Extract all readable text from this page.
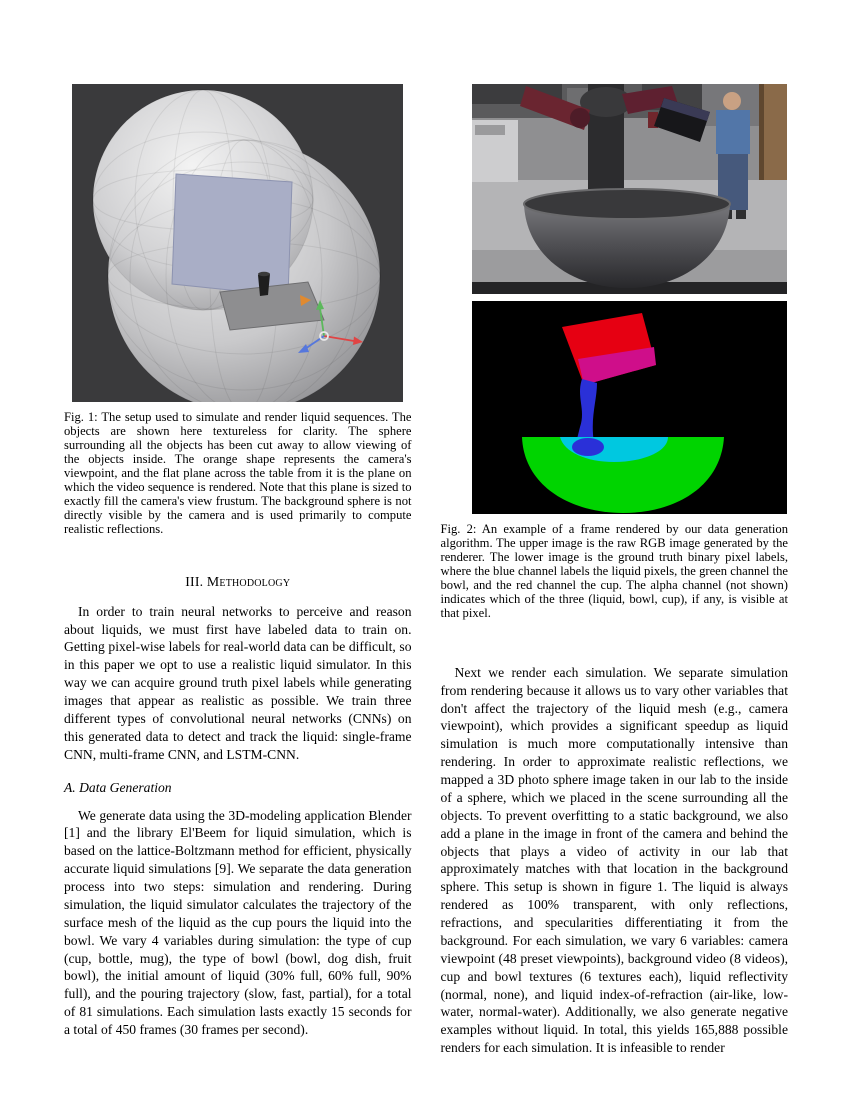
Fig. 1: The setup used to simulate and render liquid sequences. The objects are shown here textureless for clarity. The sphere surrounding all the objects has been cut away to allow viewing of the objects inside. The orange shape represents the camera's viewpoint, and the flat plane across the table from it is the plane on which the video sequence is rendered. Note that this plane is sized to exactly fill the camera's view frustum. The background sphere is not directly visible by the camera and is used primarily to compute realistic reflections.
III. Methodology

In order to train neural networks to perceive and reason about liquids, we must first have labeled data to train on. Getting pixel-wise labels for real-world data can be difficult, so in this paper we opt to use a realistic liquid simulator. In this way we can acquire ground truth pixel labels while generating images that appear as realistic as possible. We train three different types of convolutional neural networks (CNNs) on this generated data to detect and track the liquid: single-frame CNN, multi-frame CNN, and LSTM-CNN.

A. Data Generation

We generate data using the 3D-modeling application Blender [1] and the library El'Beem for liquid simulation, which is based on the lattice-Boltzmann method for efficient, physically accurate liquid simulations [9]. We separate the data generation process into two steps: simulation and rendering. During simulation, the liquid simulator calculates the trajectory of the surface mesh of the liquid as the cup pours the liquid into the bowl. We vary 4 variables during simulation: the type of cup (cup, bottle, mug), the type of bowl (bowl, dog dish, fruit bowl), the initial amount of liquid (30% full, 60% full, 90% full), and the pouring trajectory (slow, fast, partial), for a total of 81 simulations. Each simulation lasts exactly 15 seconds for a total of 450 frames (30 frames per second).

Fig. 2: An example of a frame rendered by our data generation algorithm. The upper image is the raw RGB image generated by the renderer. The lower image is the ground truth binary pixel labels, where the blue channel labels the liquid pixels, the green channel the bowl, and the red channel the cup. The alpha channel (not shown) indicates which of the three (liquid, bowl, cup), if any, is visible at that pixel.

Next we render each simulation. We separate simulation from rendering because it allows us to vary other variables that don't affect the trajectory of the liquid mesh (e.g., camera viewpoint), which provides a significant speedup as liquid simulation is much more computationally intensive than rendering. In order to approximate realistic reflections, we mapped a 3D photo sphere image taken in our lab to the inside of a sphere, which we placed in the scene surrounding all the objects. To prevent overfitting to a static background, we also add a plane in the image in front of the camera and behind the objects that plays a video of activity in our lab that approximately matches with that location in the background sphere. This setup is shown in figure 1. The liquid is always rendered as 100% transparent, with only reflections, refractions, and specularities differentiating it from the background. For each simulation, we vary 6 variables: camera viewpoint (48 preset viewpoints), background video (8 videos), cup and bowl textures (6 textures each), liquid reflectivity (normal, none), and liquid index-of-refraction (air-like, low-water, normal-water). Additionally, we also generate negative examples without liquid. In total, this yields 165,888 possible renders for each simulation. It is infeasible to render
